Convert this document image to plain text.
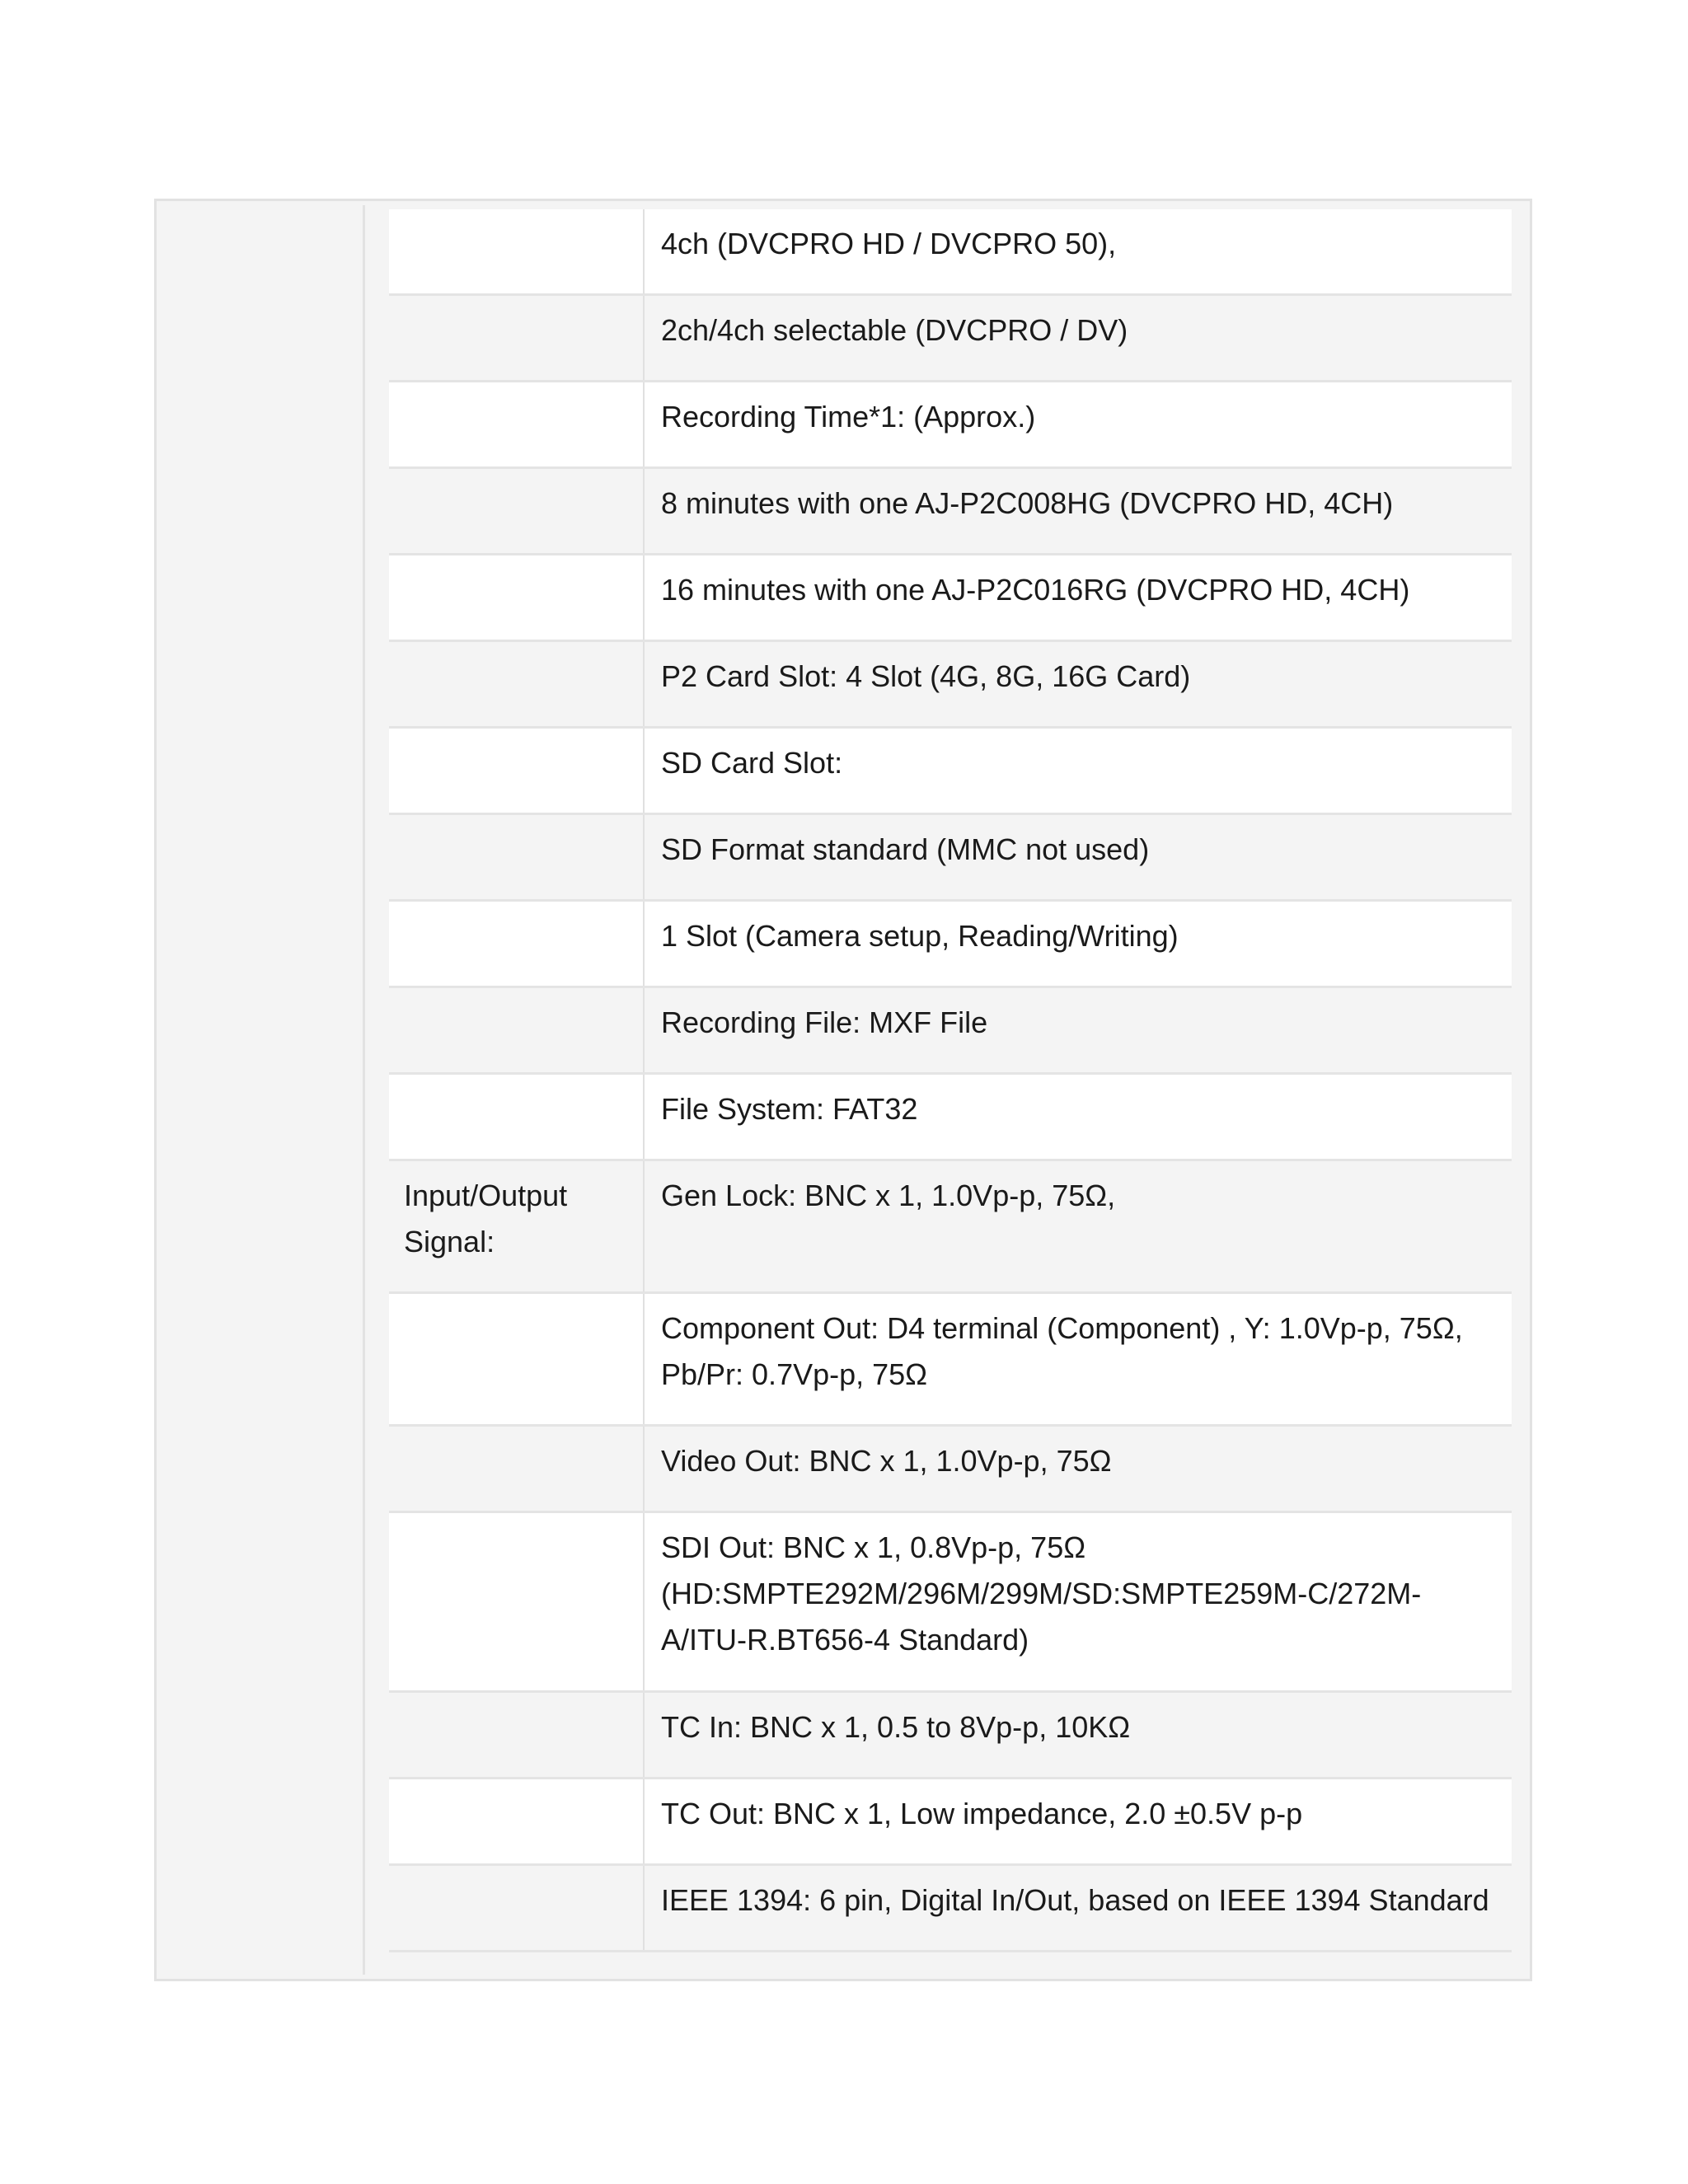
4ch (DVCPRO HD / DVCPRO 50),
2ch/4ch selectable (DVCPRO / DV)
Recording Time*1: (Approx.)
8 minutes with one AJ-P2C008HG (DVCPRO HD, 4CH)
16 minutes with one AJ-P2C016RG (DVCPRO HD, 4CH)
P2 Card Slot: 4 Slot (4G, 8G, 16G Card)
SD Card Slot:
SD Format standard (MMC not used)
1 Slot (Camera setup, Reading/Writing)
Recording File: MXF File
File System: FAT32
Input/Output
Signal:
Gen Lock: BNC x 1, 1.0Vp-p, 75Ω,
Component Out: D4 terminal (Component) , Y: 1.0Vp-p, 75Ω,
Pb/Pr: 0.7Vp-p, 75Ω
Video Out: BNC x 1, 1.0Vp-p, 75Ω
SDI Out: BNC x 1, 0.8Vp-p, 75Ω
(HD:SMPTE292M/296M/299M/SD:SMPTE259M-C/272M-
A/ITU-R.BT656-4 Standard)
TC In: BNC x 1, 0.5 to 8Vp-p, 10KΩ
TC Out: BNC x 1, Low impedance, 2.0 ±0.5V p-p
IEEE 1394: 6 pin, Digital In/Out, based on IEEE 1394 Standard
